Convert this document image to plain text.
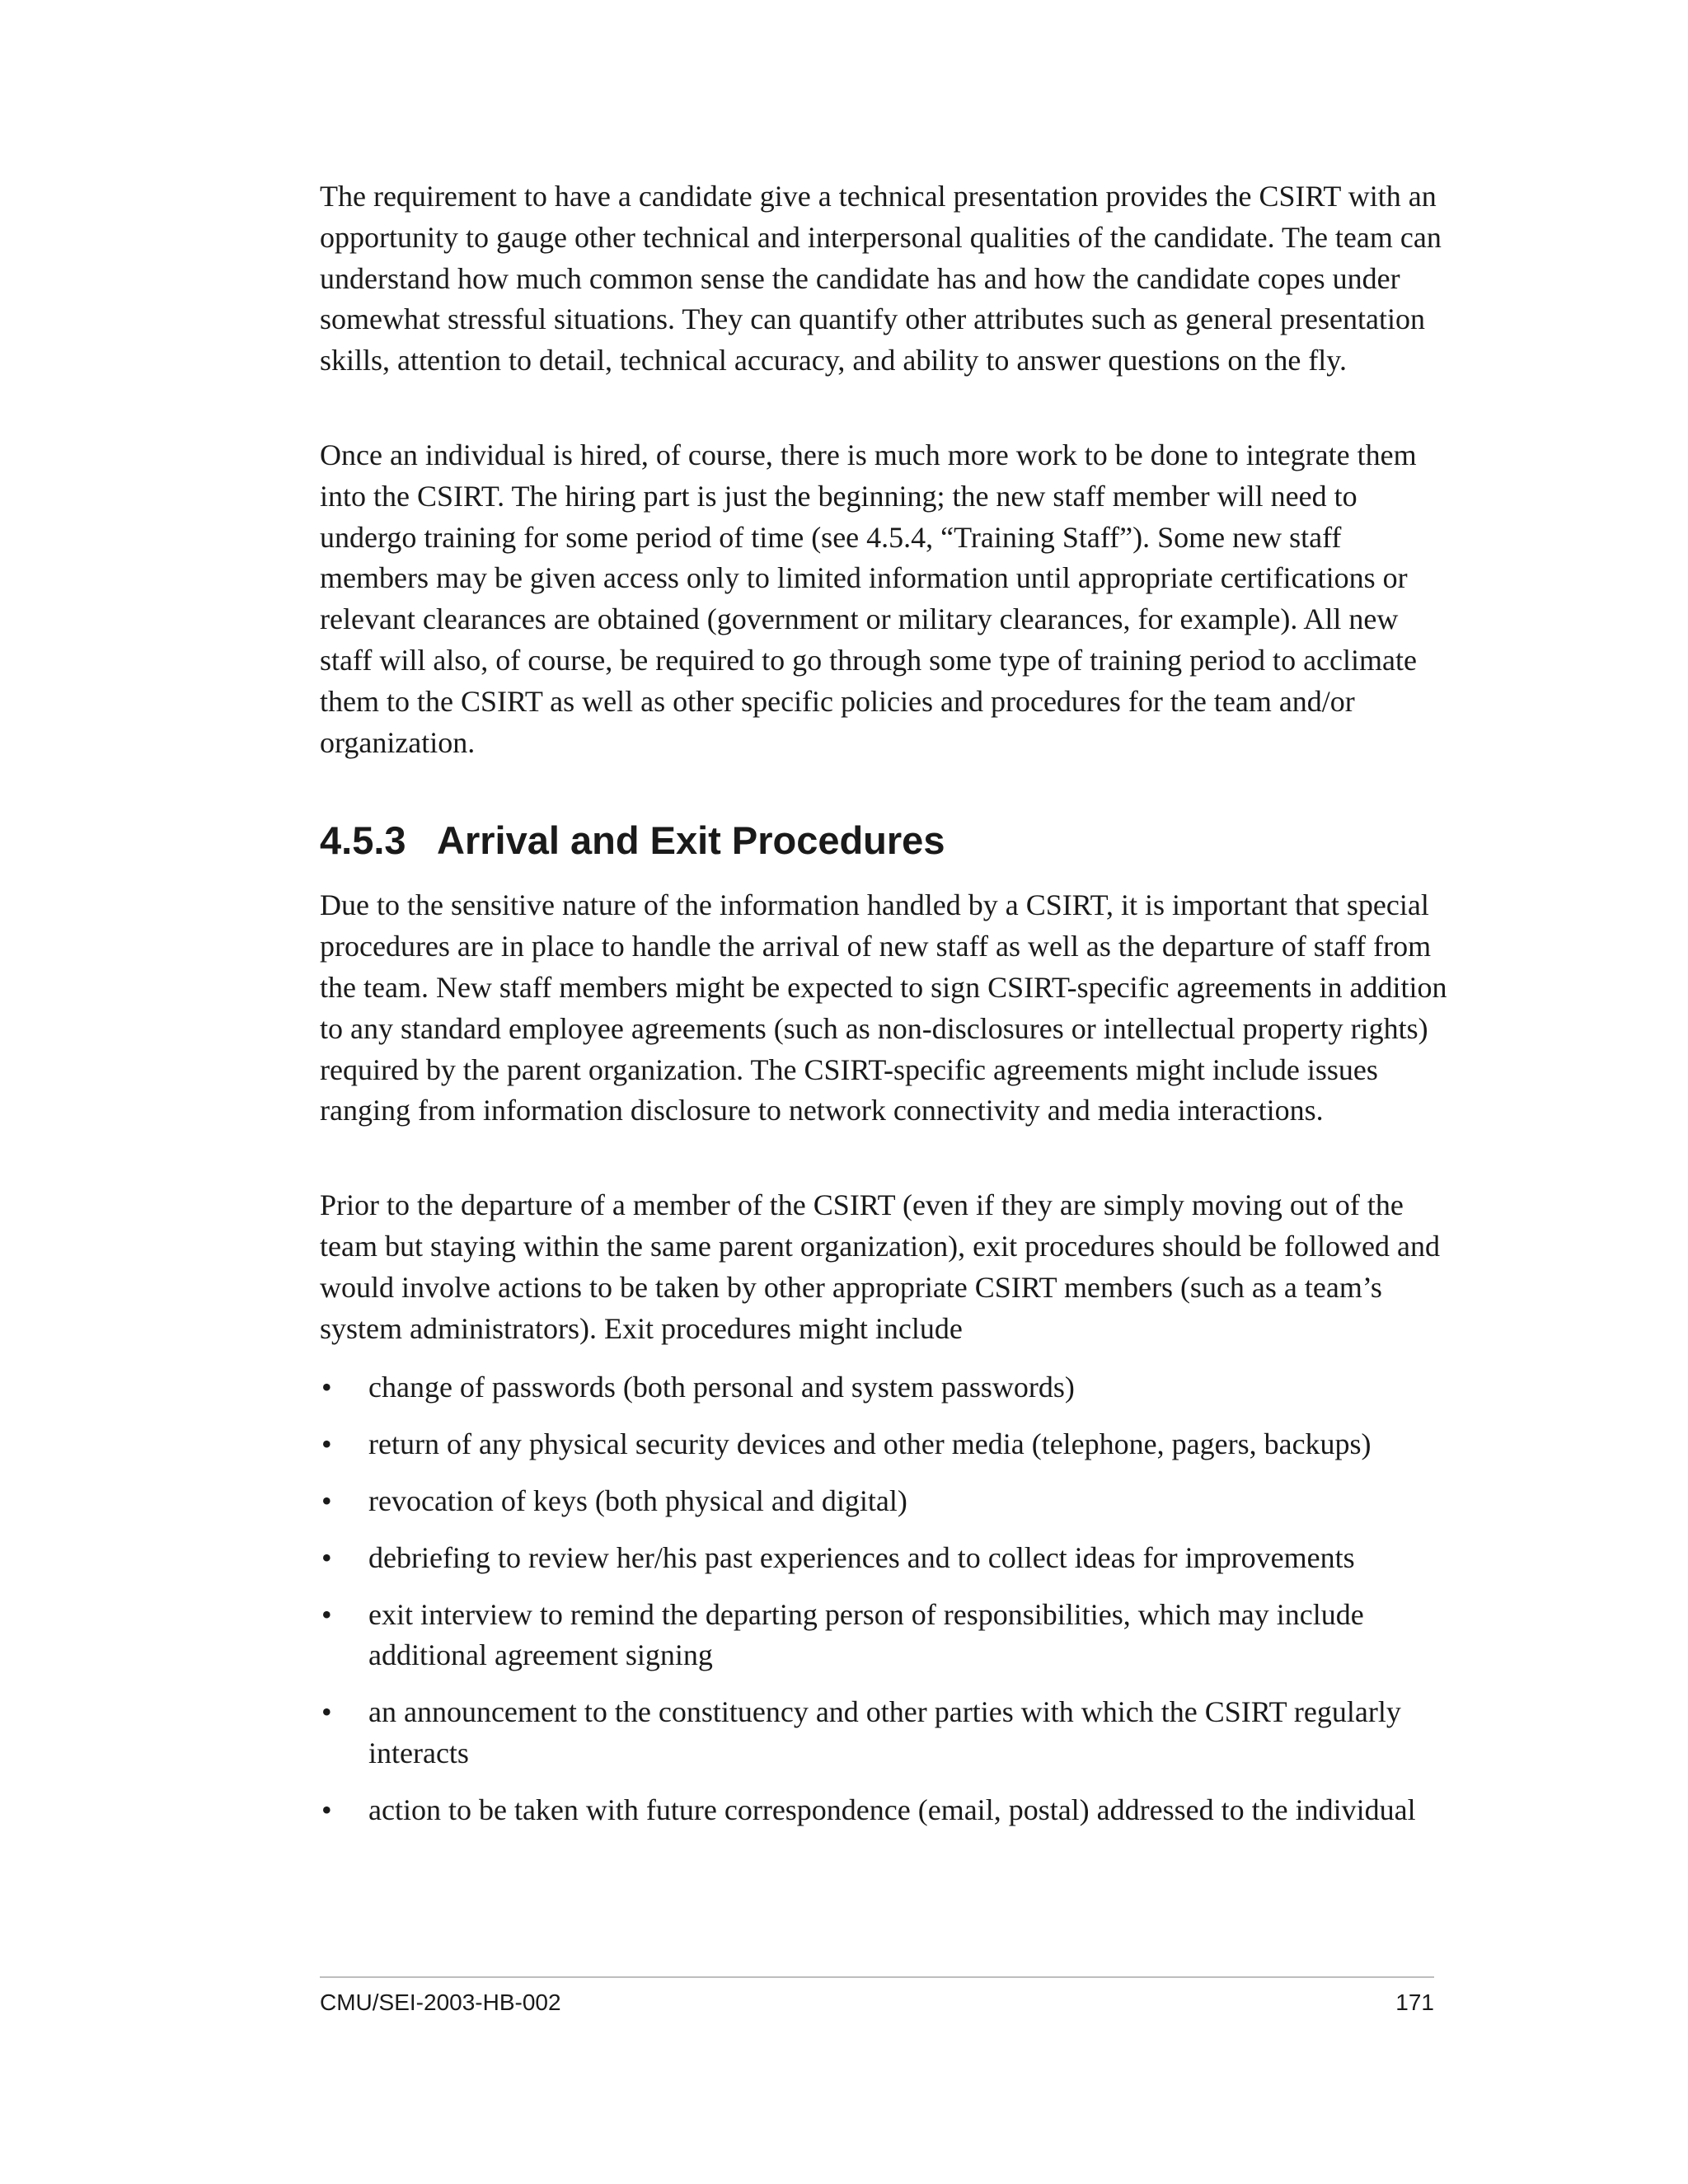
The requirement to have a candidate give a technical presentation provides the CSIRT with an opportunity to gauge other technical and interpersonal qualities of the candidate. The team can understand how much common sense the candidate has and how the candidate copes under somewhat stressful situations. They can quantify other attributes such as general presentation skills, attention to detail, technical accuracy, and ability to answer questions on the fly.

Once an individual is hired, of course, there is much more work to be done to integrate them into the CSIRT. The hiring part is just the beginning; the new staff member will need to undergo training for some period of time (see 4.5.4, “Training Staff”). Some new staff members may be given access only to limited information until appropriate certifications or relevant clearances are obtained (government or military clearances, for example). All new staff will also, of course, be required to go through some type of training period to acclimate them to the CSIRT as well as other specific policies and procedures for the team and/or organization.

4.5.3 Arrival and Exit Procedures

Due to the sensitive nature of the information handled by a CSIRT, it is important that special procedures are in place to handle the arrival of new staff as well as the departure of staff from the team. New staff members might be expected to sign CSIRT-specific agreements in addition to any standard employee agreements (such as non-disclosures or intellectual property rights) required by the parent organization. The CSIRT-specific agreements might include issues ranging from information disclosure to network connectivity and media interactions.

Prior to the departure of a member of the CSIRT (even if they are simply moving out of the team but staying within the same parent organization), exit procedures should be followed and would involve actions to be taken by other appropriate CSIRT members (such as a team’s system administrators). Exit procedures might include

• change of passwords (both personal and system passwords)
• return of any physical security devices and other media (telephone, pagers, backups)
• revocation of keys (both physical and digital)
• debriefing to review her/his past experiences and to collect ideas for improvements
• exit interview to remind the departing person of responsibilities, which may include additional agreement signing
• an announcement to the constituency and other parties with which the CSIRT regularly interacts
• action to be taken with future correspondence (email, postal) addressed to the individual
CMU/SEI-2003-HB-002	171
